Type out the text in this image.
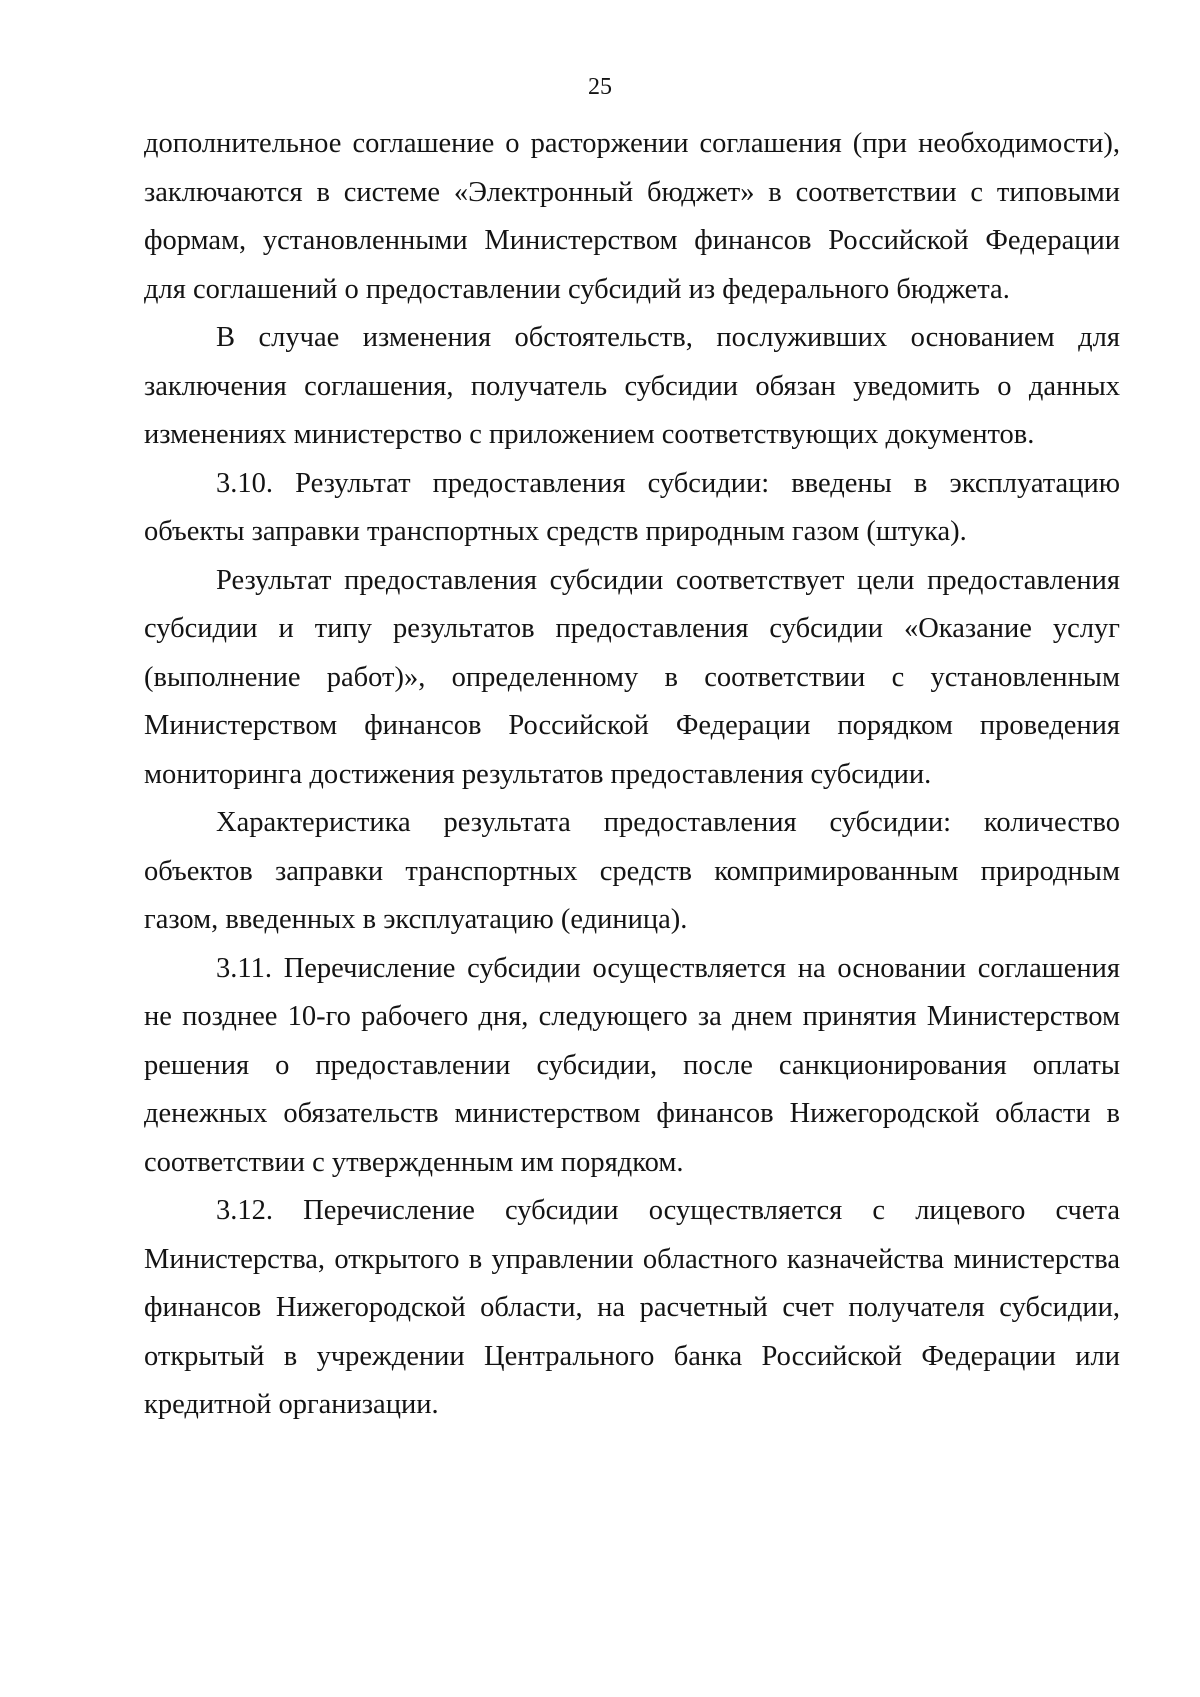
25

дополнительное соглашение о расторжении соглашения (при необходимости), заключаются в системе «Электронный бюджет» в соответствии с типовыми формам, установленными Министерством финансов Российской Федерации для соглашений о предоставлении субсидий из федерального бюджета.

В случае изменения обстоятельств, послуживших основанием для заключения соглашения, получатель субсидии обязан уведомить о данных изменениях министерство с приложением соответствующих документов.

3.10. Результат предоставления субсидии: введены в эксплуатацию объекты заправки транспортных средств природным газом (штука).

Результат предоставления субсидии соответствует цели предоставления субсидии и типу результатов предоставления субсидии «Оказание услуг (выполнение работ)», определенному в соответствии с установленным Министерством финансов Российской Федерации порядком проведения мониторинга достижения результатов предоставления субсидии.

Характеристика результата предоставления субсидии: количество объектов заправки транспортных средств компримированным природным газом, введенных в эксплуатацию (единица).

3.11. Перечисление субсидии осуществляется на основании соглашения не позднее 10-го рабочего дня, следующего за днем принятия Министерством решения о предоставлении субсидии, после санкционирования оплаты денежных обязательств министерством финансов Нижегородской области в соответствии с утвержденным им порядком.

3.12. Перечисление субсидии осуществляется с лицевого счета Министерства, открытого в управлении областного казначейства министерства финансов Нижегородской области, на расчетный счет получателя субсидии, открытый в учреждении Центрального банка Российской Федерации или кредитной организации.
